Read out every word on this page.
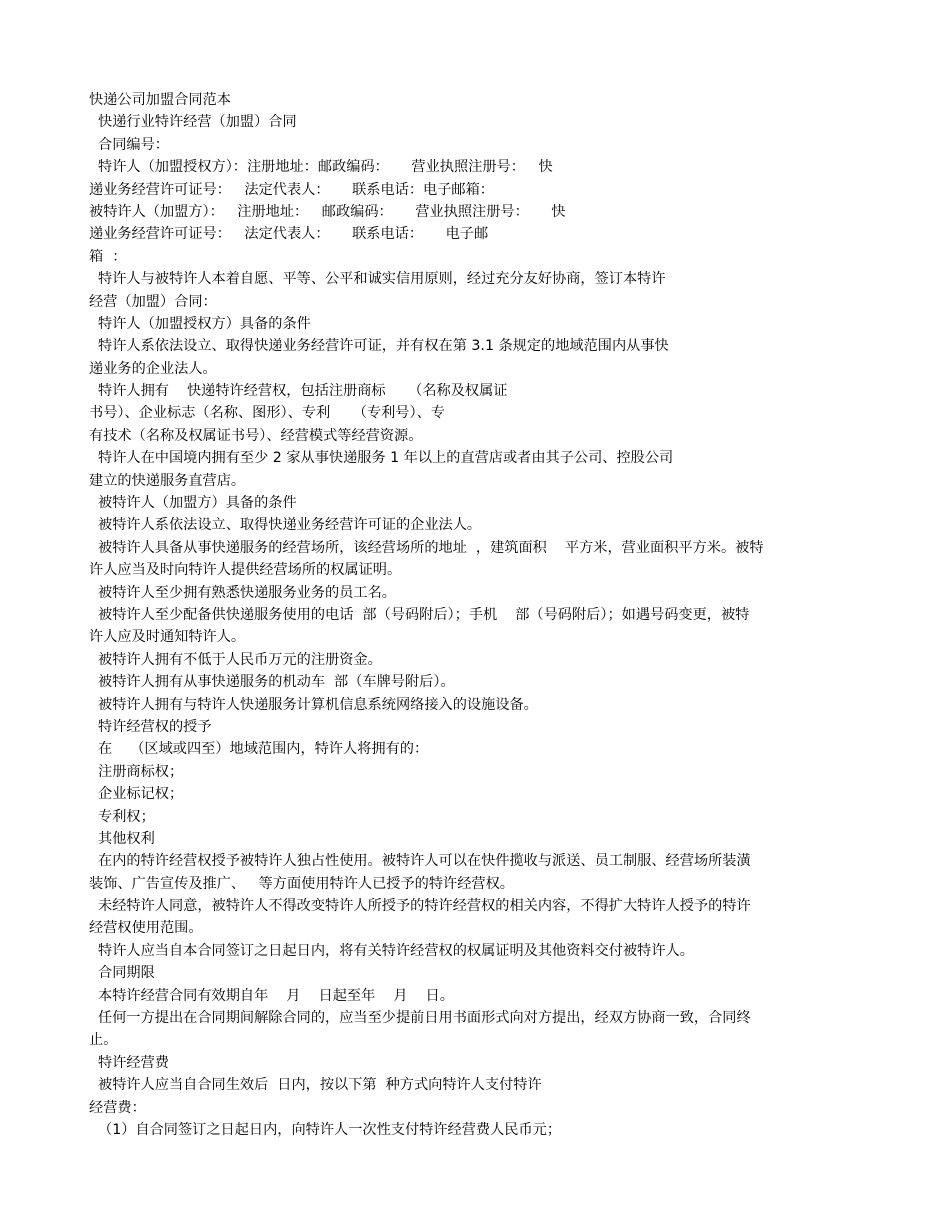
快递公司加盟合同范本
快递行业特许经营（加盟）合同
合同编号：
特许人（加盟授权方）：注册地址：邮政编码：     营业执照注册号：   快
递业务经营许可证号：   法定代表人：     联系电话：电子邮箱：
被特许人（加盟方）：   注册地址：   邮政编码：     营业执照注册号：     快
递业务经营许可证号：   法定代表人：     联系电话：     电子邮
箱  ：
特许人与被特许人本着自愿、平等、公平和诚实信用原则，经过充分友好协商，签订本特许
经营（加盟）合同：
特许人（加盟授权方）具备的条件
特许人系依法设立、取得快递业务经营许可证，并有权在第 3.1 条规定的地域范围内从事快
递业务的企业法人。
特许人拥有    快递特许经营权，包括注册商标     （名称及权属证
书号）、企业标志（名称、图形）、专利     （专利号）、专
有技术（名称及权属证书号）、经营模式等经营资源。
特许人在中国境内拥有至少 2 家从事快递服务 1 年以上的直营店或者由其子公司、控股公司
建立的快递服务直营店。
被特许人（加盟方）具备的条件
被特许人系依法设立、取得快递业务经营许可证的企业法人。
被特许人具备从事快递服务的经营场所，该经营场所的地址  ，建筑面积    平方米，营业面积平方米。被特
许人应当及时向特许人提供经营场所的权属证明。
被特许人至少拥有熟悉快递服务业务的员工名。
被特许人至少配备供快递服务使用的电话  部（号码附后）；手机    部（号码附后）；如遇号码变更，被特
许人应及时通知特许人。
被特许人拥有不低于人民币万元的注册资金。
被特许人拥有从事快递服务的机动车  部（车牌号附后）。
被特许人拥有与特许人快递服务计算机信息系统网络接入的设施设备。
特许经营权的授予
在    （区域或四至）地域范围内，特许人将拥有的：
注册商标权；
企业标记权；
专利权；
其他权利
在内的特许经营权授予被特许人独占性使用。被特许人可以在快件揽收与派送、员工制服、经营场所装潢
装饰、广告宣传及推广、   等方面使用特许人已授予的特许经营权。
未经特许人同意，被特许人不得改变特许人所授予的特许经营权的相关内容，不得扩大特许人授予的特许
经营权使用范围。
特许人应当自本合同签订之日起日内，将有关特许经营权的权属证明及其他资料交付被特许人。
合同期限
本特许经营合同有效期自年    月    日起至年    月    日。
任何一方提出在合同期间解除合同的，应当至少提前日用书面形式向对方提出，经双方协商一致，合同终
止。
特许经营费
被特许人应当自合同生效后  日内，按以下第  种方式向特许人支付特许
经营费：
（1）自合同签订之日起日内，向特许人一次性支付特许经营费人民币元；
